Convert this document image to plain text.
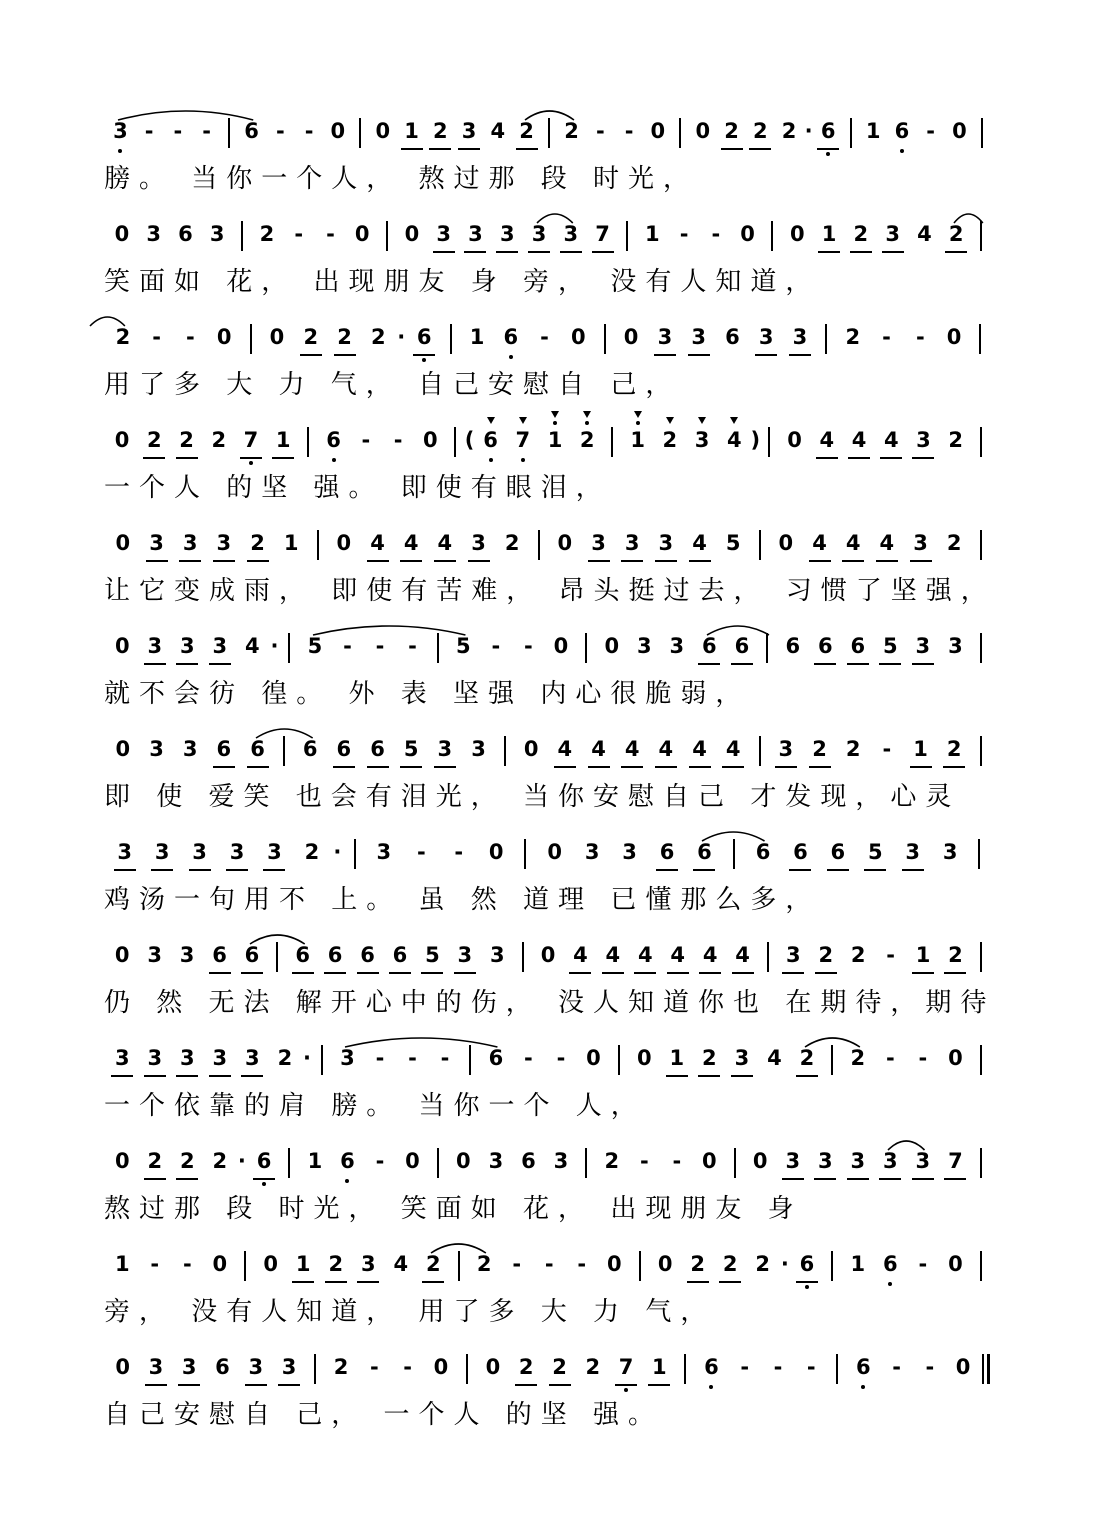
3 - - -	6 - - 0 0 1 2 3 4 2 2 - - 0 0 2 2 2 · 6 1 6 - 0
膀。 当你一个人， 熬过那 段 时光，
0 3 6 3 2 -	- 0 0 3 3 3 3 3 7 1 -	- 0 0 1 2 3 4 2
笑面如 花， 出现朋友 身 旁， 没有人知道，
2	-	-	0 0 2 2 2 · 6 1 6	-	0 0 3 3 6 3 3 2	-	-	0
用了多 大 力 气， 自己安慰自 己，
0 2 2 2 7 1 6 -	- 0	( 6 7 1 2 1 2 3 4 )	0 4 4 4 3 2
一个人 的坚 强。 即使有眼泪，
0 3 3 3 2 1 0 4 4 4 3 2 0 3 3 3 4 5 0 4 4 4 3 2
让它变成雨， 即使有苦难， 昂头挺过去， 习惯了坚强，
0 3 3 3 4 ·	5 -	-	-	5 -	- 0 0 3 3 6 6 6 6 6 5 3 3
就不会彷 徨。 外 表 坚强 内心很脆弱，
0 3 3 6 6 6 6 6 5 3 3 0 4 4 4 4 4 4 3 2 2	-	1 2
即 使 爱笑 也会有泪光， 当你安慰自己 才发现，心灵
3 3 3 3 3 2 ·	3	-	-	0 0 3 3 6 6 6 6 6 5 3 3
鸡汤一句用不 上。 虽 然 道理 已懂那么多，
0 3 3 6 6 6 6 6 6 5 3 3 0 4 4 4 4 4 4 3 2 2 - 1 2
仍 然 无法 解开心中的伤， 没人知道你也 在期待，期待
3 3 3 3 3 2 ·	3 -	-	-	6 -	- 0 0 1 2 3 4 2 2 -	- 0
一个依靠的肩 膀。 当你一个 人，
0 2 2 2 · 6 1 6 - 0 0 3 6 3 2 -	- 0 0 3 3 3 3 3 7
熬过那 段 时光， 笑面如 花， 出现朋友 身
1 -	- 0 0 1 2 3 4 2 2 -	-	- 0 0 2 2 2 · 6 1 6 - 0
旁， 没有人知道， 用了多 大 力 气，
0 3 3 6 3 3 2	-	-	0 0 2 2 2 7 1 6	-	-	-	6	-	-	0
自己安慰自 己， 一个人 的坚 强。
